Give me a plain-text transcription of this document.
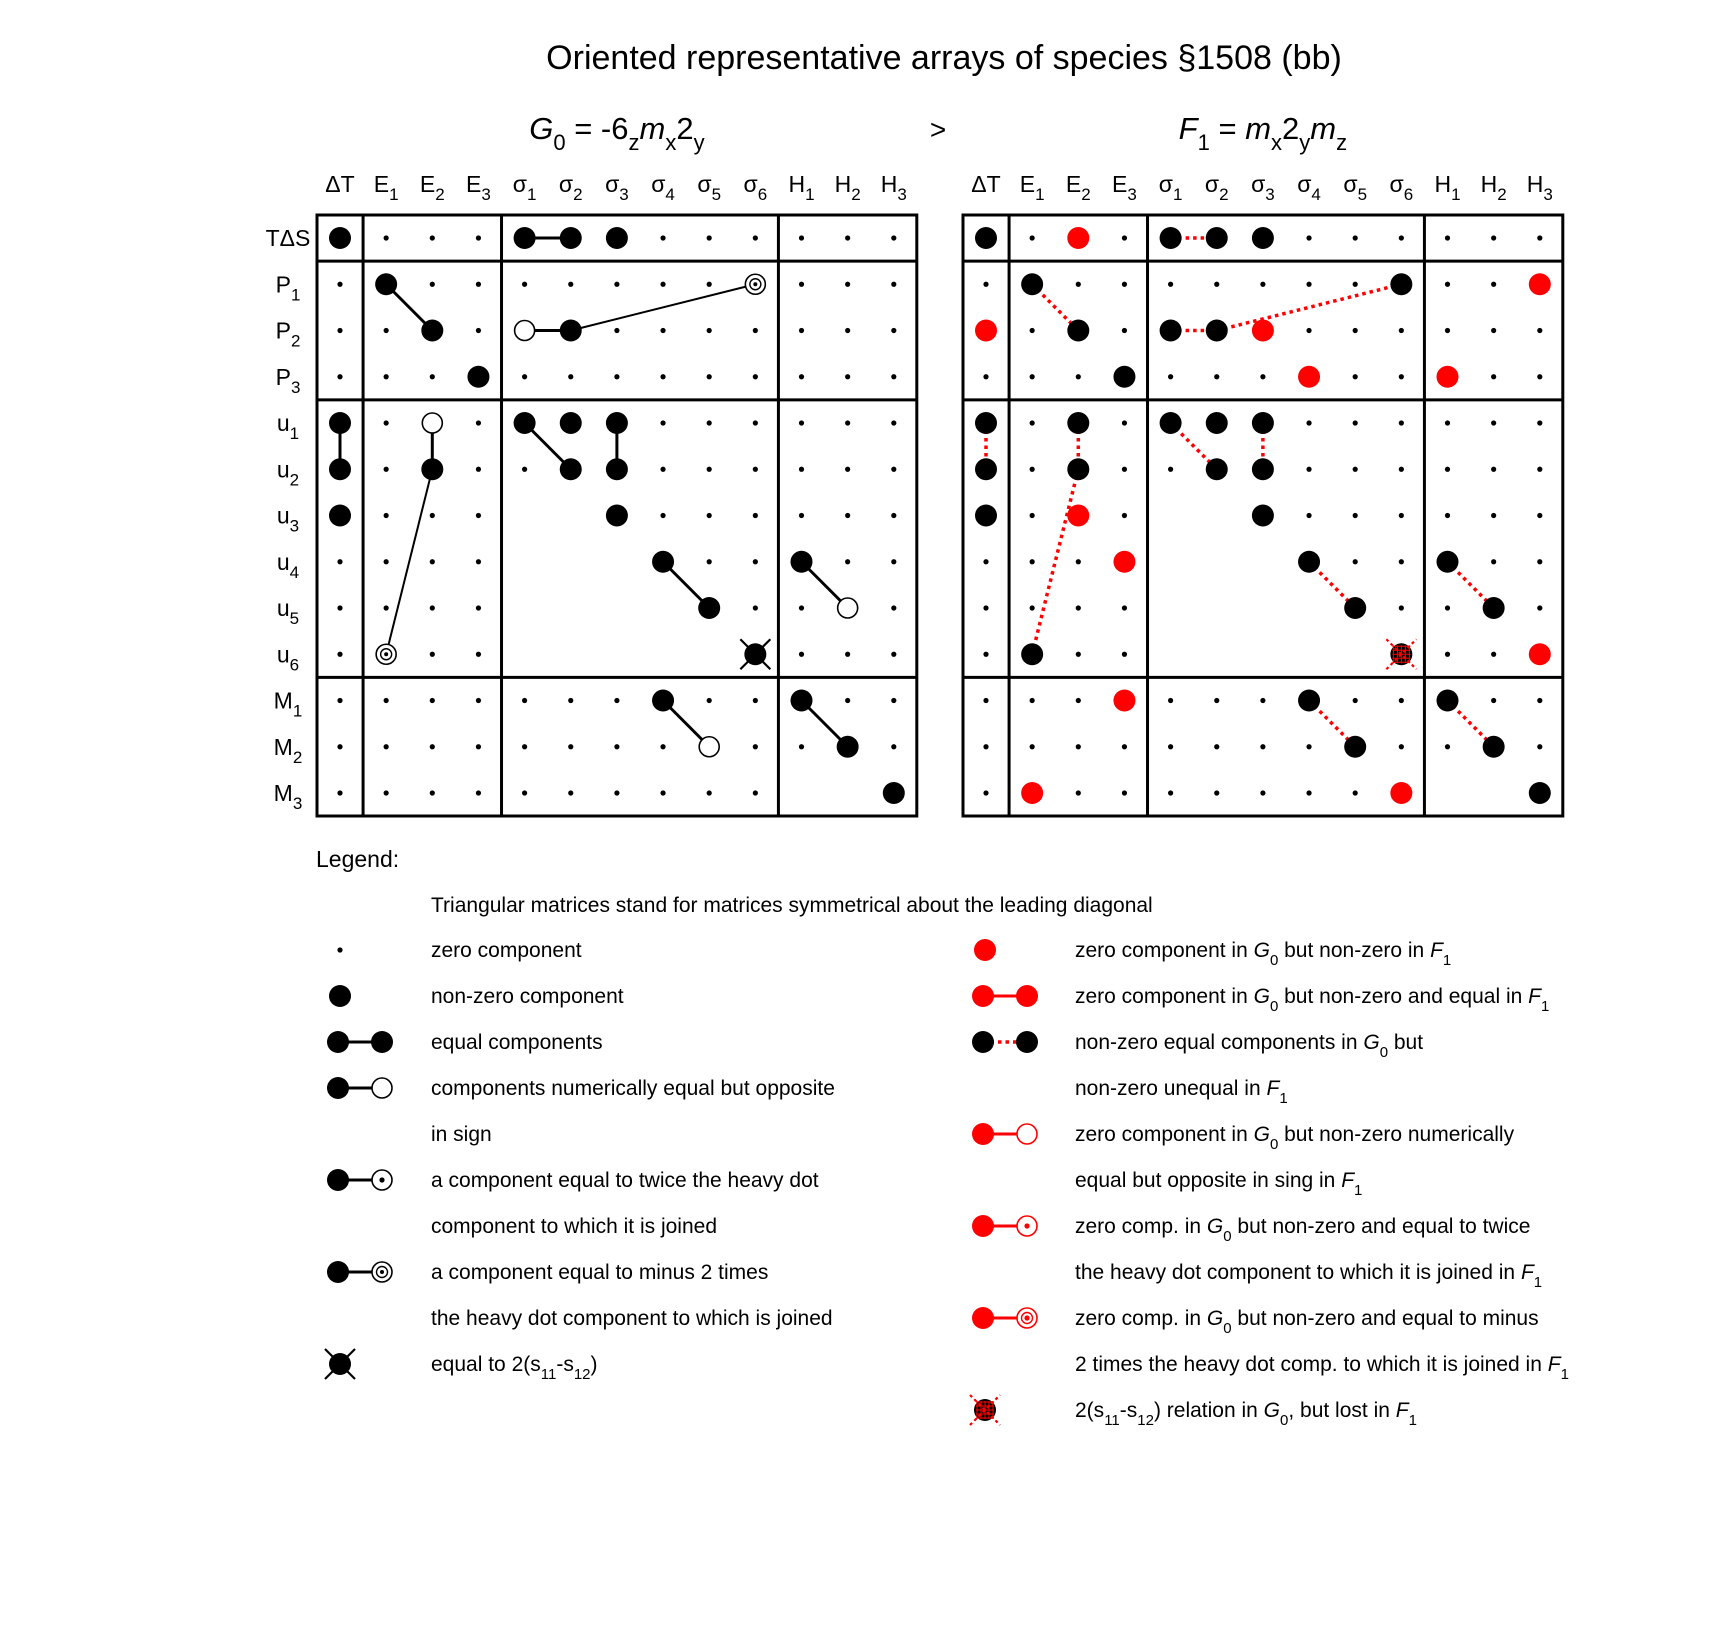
Oriented representative arrays of species §1508 (bb)
>
$G_0 = -6_zm_x2_y$
ΔT $E_1$ $E_2$ $E_3$ $\sigma_1$ $\sigma_2$ $\sigma_3$ $\sigma_4$ $\sigma_5$ $\sigma_6$ $H_1$ $H_2$ $H_3$
TΔS
$P_1$
$P_2$
$P_3$
$u_1$
$u_2$
$u_3$
$u_4$
$u_5$
$u_6$
$M_1$
$M_2$
$M_3$
$F_1 = m_x2_ym_z$
ΔT $E_1$ $E_2$ $E_3$ $\sigma_1$ $\sigma_2$ $\sigma_3$ $\sigma_4$ $\sigma_5$ $\sigma_6$ $H_1$ $H_2$ $H_3$
Legend:
Triangular matrices stand for matrices symmetrical about the leading diagonal
zero component
non-zero component
equal components
components numerically equal but opposite
in sign
a component equal to twice the heavy dot
component to which it is joined
a component equal to minus 2 times
the heavy dot component to which is joined
equal to $2(s_{11}-s_{12})$
zero component in $G_0$ but non-zero in $F_1$
zero component in $G_0$ but non-zero and equal in $F_1$
non-zero equal components in $G_0$ but
non-zero unequal in $F_1$
zero component in $G_0$ but non-zero numerically
equal but opposite in sing in $F_1$
zero comp. in $G_0$ but non-zero and equal to twice
the heavy dot component to which it is joined in $F_1$
zero comp. in $G_0$ but non-zero and equal to minus
2 times the heavy dot comp. to which it is joined in $F_1$
$2(s_{11}-s_{12})$ relation in $G_0$, but lost in $F_1$
